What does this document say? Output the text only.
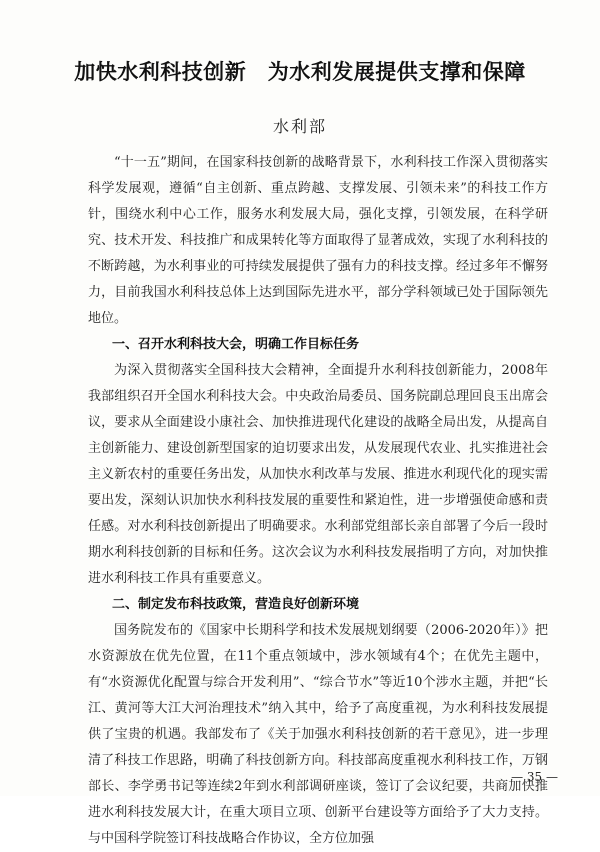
加快水利科技创新　为水利发展提供支撑和保障
水利部

“十一五”期间，在国家科技创新的战略背景下，水利科技工作深入贯彻落实科学发展观，遵循“自主创新、重点跨越、支撑发展、引领未来”的科技工作方针，围绕水利中心工作，服务水利发展大局，强化支撑，引领发展，在科学研究、技术开发、科技推广和成果转化等方面取得了显著成效，实现了水利科技的不断跨越，为水利事业的可持续发展提供了强有力的科技支撑。经过多年不懈努力，目前我国水利科技总体上达到国际先进水平，部分学科领域已处于国际领先地位。

一、召开水利科技大会，明确工作目标任务

为深入贯彻落实全国科技大会精神，全面提升水利科技创新能力，2008年我部组织召开全国水利科技大会。中央政治局委员、国务院副总理回良玉出席会议，要求从全面建设小康社会、加快推进现代化建设的战略全局出发，从提高自主创新能力、建设创新型国家的迫切要求出发，从发展现代农业、扎实推进社会主义新农村的重要任务出发，从加快水利改革与发展、推进水利现代化的现实需要出发，深刻认识加快水利科技发展的重要性和紧迫性，进一步增强使命感和责任感。对水利科技创新提出了明确要求。水利部党组部长亲自部署了今后一段时期水利科技创新的目标和任务。这次会议为水利科技发展指明了方向，对加快推进水利科技工作具有重要意义。

二、制定发布科技政策，营造良好创新环境

国务院发布的《国家中长期科学和技术发展规划纲要（2006-2020年）》把水资源放在优先位置，在11个重点领域中，涉水领域有4个；在优先主题中，有“水资源优化配置与综合开发利用”、“综合节水”等近10个涉水主题，并把“长江、黄河等大江大河治理技术”纳入其中，给予了高度重视，为水利科技发展提供了宝贵的机遇。我部发布了《关于加强水利科技创新的若干意见》，进一步理清了科技工作思路，明确了科技创新方向。科技部高度重视水利科技工作，万钢部长、李学勇书记等连续2年到水利部调研座谈，签订了会议纪要，共商加快推进水利科技发展大计，在重大项目立项、创新平台建设等方面给予了大力支持。与中国科学院签订科技战略合作协议，全方位加强

— 35 —
